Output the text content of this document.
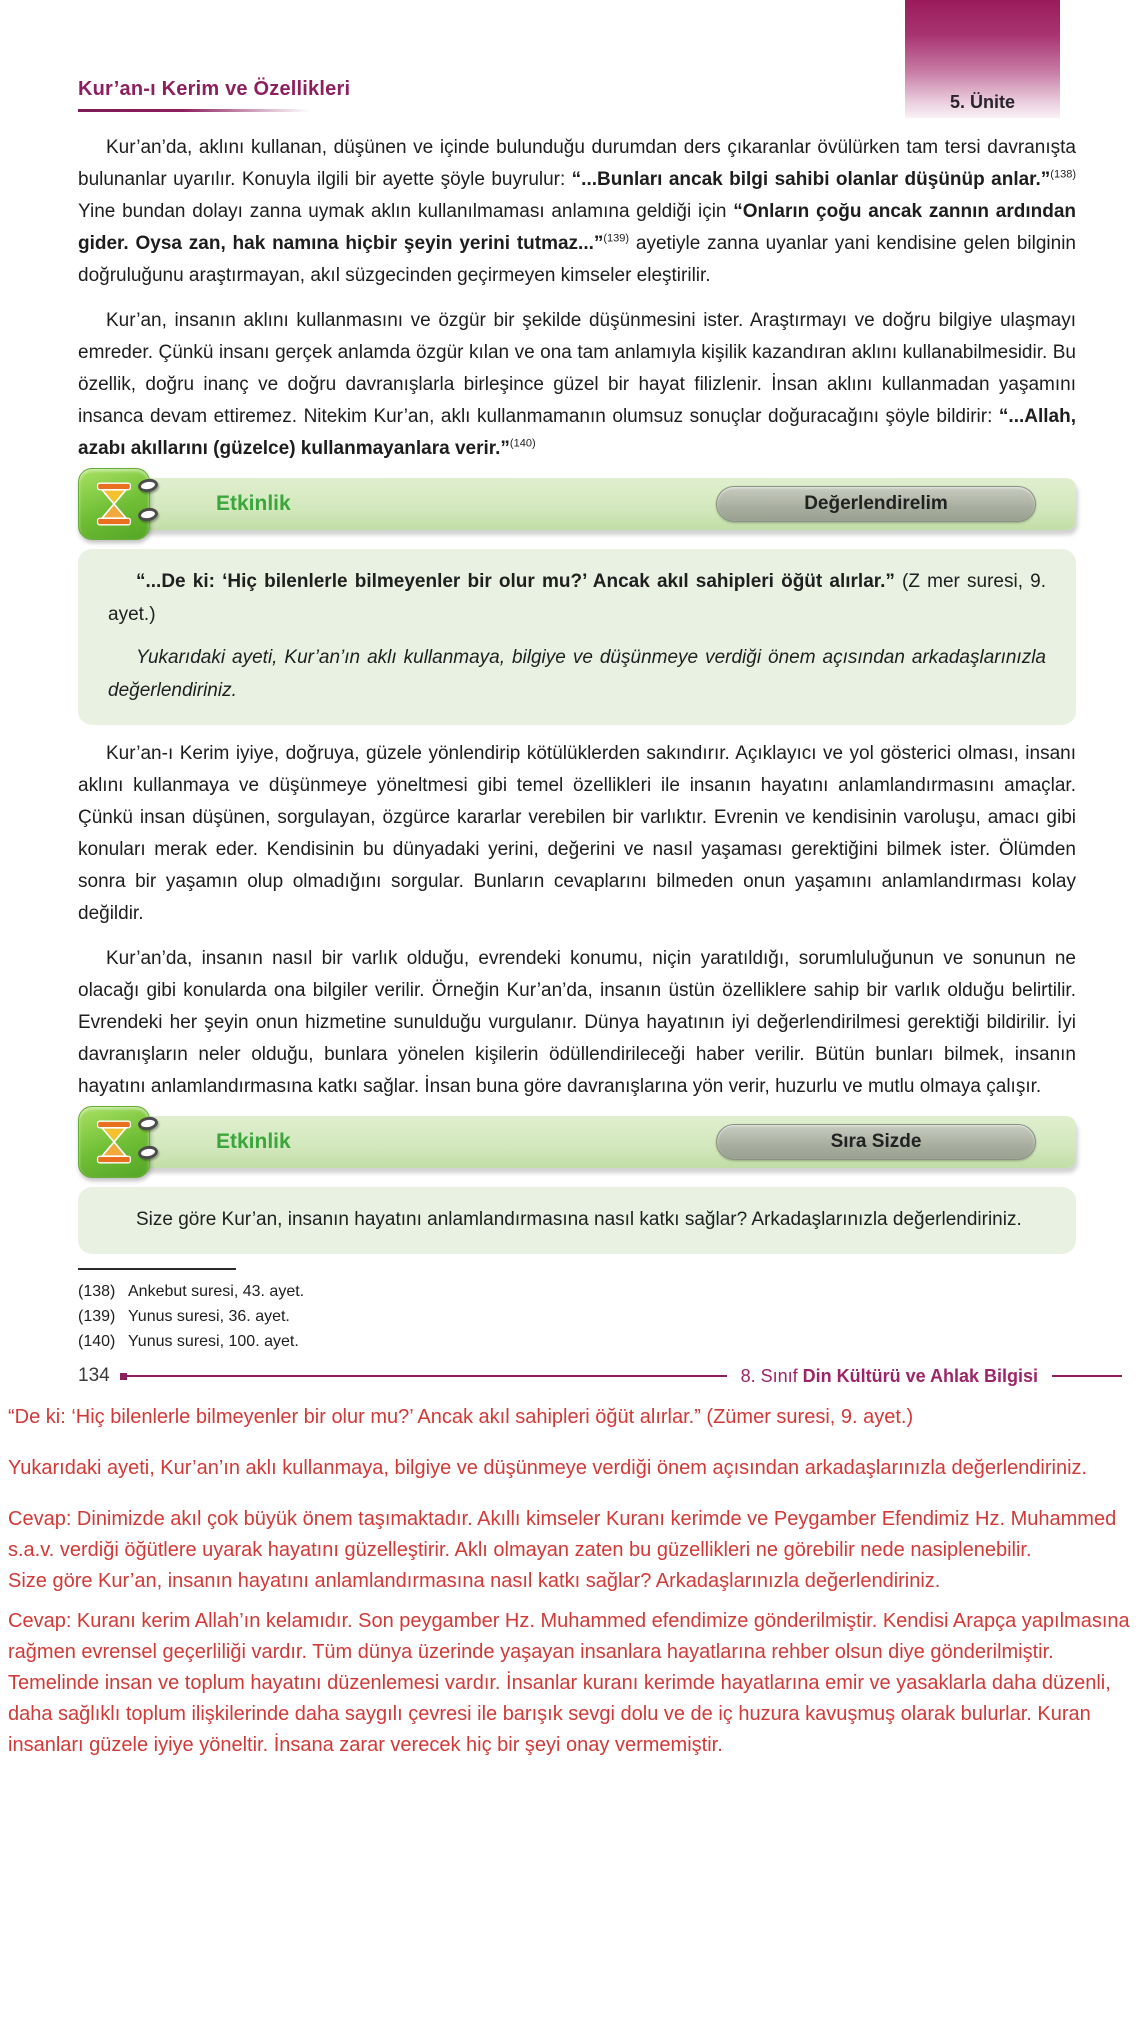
5. Ünite
Kur’an-ı Kerim ve Özellikleri

Kur’an’da, aklını kullanan, düşünen ve içinde bulunduğu durumdan ders çıkaranlar övülürken tam tersi davranışta bulunanlar uyarılır. Konuyla ilgili bir ayette şöyle buyrulur: “...Bunları ancak bilgi sahibi olanlar düşünüp anlar.”$^{(138)}$ Yine bundan dolayı zanna uymak aklın kullanılmaması anlamına geldiği için “Onların çoğu ancak zannın ardından gider. Oysa zan, hak namına hiçbir şeyin yerini tutmaz...”$^{(139)}$ ayetiyle zanna uyanlar yani kendisine gelen bilginin doğruluğunu araştırmayan, akıl süzgecinden geçirmeyen kimseler eleştirilir.

Kur’an, insanın aklını kullanmasını ve özgür bir şekilde düşünmesini ister. Araştırmayı ve doğru bilgiye ulaşmayı emreder. Çünkü insanı gerçek anlamda özgür kılan ve ona tam anlamıyla kişilik kazandıran aklını kullanabilmesidir. Bu özellik, doğru inanç ve doğru davranışlarla birleşince güzel bir hayat filizlenir. İnsan aklını kullanmadan yaşamını insanca devam ettiremez. Nitekim Kur’an, aklı kullanmamanın olumsuz sonuçlar doğuracağını şöyle bildirir: “...Allah, azabı akıllarını (güzelce) kullanmayanlara verir.”$^{(140)}$

Etkinlik	Değerlendirelim

“...De ki: ‘Hiç bilenlerle bilmeyenler bir olur mu?’ Ancak akıl sahipleri öğüt alırlar.” (Z mer suresi, 9. ayet.)

Yukarıdaki ayeti, Kur’an’ın aklı kullanmaya, bilgiye ve düşünmeye verdiği önem açısından arkadaşlarınızla değerlendiriniz.

Kur’an-ı Kerim iyiye, doğruya, güzele yönlendirip kötülüklerden sakındırır. Açıklayıcı ve yol gösterici olması, insanı aklını kullanmaya ve düşünmeye yöneltmesi gibi temel özellikleri ile insanın hayatını anlamlandırmasını amaçlar. Çünkü insan düşünen, sorgulayan, özgürce kararlar verebilen bir varlıktır. Evrenin ve kendisinin varoluşu, amacı gibi konuları merak eder. Kendisinin bu dünyadaki yerini, değerini ve nasıl yaşaması gerektiğini bilmek ister. Ölümden sonra bir yaşamın olup olmadığını sorgular. Bunların cevaplarını bilmeden onun yaşamını anlamlandırması kolay değildir.

Kur’an’da, insanın nasıl bir varlık olduğu, evrendeki konumu, niçin yaratıldığı, sorumluluğunun ve sonunun ne olacağı gibi konularda ona bilgiler verilir. Örneğin Kur’an’da, insanın üstün özelliklere sahip bir varlık olduğu belirtilir. Evrendeki her şeyin onun hizmetine sunulduğu vurgulanır. Dünya hayatının iyi değerlendirilmesi gerektiği bildirilir. İyi davranışların neler olduğu, bunlara yönelen kişilerin ödüllendirileceği haber verilir. Bütün bunları bilmek, insanın hayatını anlamlandırmasına katkı sağlar. İnsan buna göre davranışlarına yön verir, huzurlu ve mutlu olmaya çalışır.

Etkinlik	Sıra Sizde

Size göre Kur’an, insanın hayatını anlamlandırmasına nasıl katkı sağlar? Arkadaşlarınızla değerlendiriniz.

(138) Ankebut suresi, 43. ayet.
(139) Yunus suresi, 36. ayet.
(140) Yunus suresi, 100. ayet.
134	8. Sınıf Din Kültürü ve Ahlak Bilgisi

“De ki: ‘Hiç bilenlerle bilmeyenler bir olur mu?’ Ancak akıl sahipleri öğüt alırlar.” (Zümer suresi, 9. ayet.)

Yukarıdaki ayeti, Kur’an’ın aklı kullanmaya, bilgiye ve düşünmeye verdiği önem açısından arkadaşlarınızla değerlendiriniz.

Cevap: Dinimizde akıl çok büyük önem taşımaktadır. Akıllı kimseler Kuranı kerimde ve Peygamber Efendimiz Hz. Muhammed s.a.v. verdiği öğütlere uyarak hayatını güzelleştirir. Aklı olmayan zaten bu güzellikleri ne görebilir nede nasiplenebilir.

Size göre Kur’an, insanın hayatını anlamlandırmasına nasıl katkı sağlar? Arkadaşlarınızla değerlendiriniz.

Cevap: Kuranı kerim Allah’ın kelamıdır. Son peygamber Hz. Muhammed efendimize gönderilmiştir. Kendisi Arapça yapılmasına rağmen evrensel geçerliliği vardır. Tüm dünya üzerinde yaşayan insanlara hayatlarına rehber olsun diye gönderilmiştir. Temelinde insan ve toplum hayatını düzenlemesi vardır. İnsanlar kuranı kerimde hayatlarına emir ve yasaklarla daha düzenli, daha sağlıklı toplum ilişkilerinde daha saygılı çevresi ile barışık sevgi dolu ve de iç huzura kavuşmuş olarak bulurlar. Kuran insanları güzele iyiye yöneltir. İnsana zarar verecek hiç bir şeyi onay vermemiştir.
